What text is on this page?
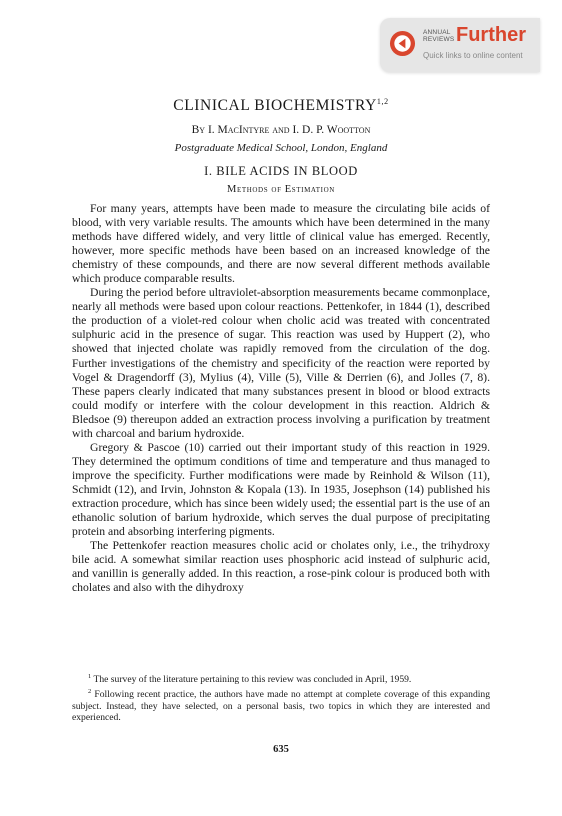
ANNUAL
REVIEWS Further
Quick links to online content
CLINICAL BIOCHEMISTRY$^{1,2}$
By I. MacIntyre and I. D. P. Wootton
Postgraduate Medical School, London, England
I. BILE ACIDS IN BLOOD
Methods of Estimation

For many years, attempts have been made to measure the circulating bile acids of blood, with very variable results. The amounts which have been determined in the many methods have differed widely, and very little of clinical value has emerged. Recently, however, more specific methods have been based on an increased knowledge of the chemistry of these compounds, and there are now several different methods available which produce comparable results.

During the period before ultraviolet-absorption measurements became commonplace, nearly all methods were based upon colour reactions. Pettenkofer, in 1844 (1), described the production of a violet-red colour when cholic acid was treated with concentrated sulphuric acid in the presence of sugar. This reaction was used by Huppert (2), who showed that injected cholate was rapidly removed from the circulation of the dog. Further investigations of the chemistry and specificity of the reaction were reported by Vogel & Dragendorff (3), Mylius (4), Ville (5), Ville & Derrien (6), and Jolles (7, 8). These papers clearly indicated that many substances present in blood or blood extracts could modify or interfere with the colour development in this reaction. Aldrich & Bledsoe (9) thereupon added an extraction process involving a purification by treatment with charcoal and barium hydroxide.

Gregory & Pascoe (10) carried out their important study of this reaction in 1929. They determined the optimum conditions of time and temperature and thus managed to improve the specificity. Further modifications were made by Reinhold & Wilson (11), Schmidt (12), and Irvin, Johnston & Kopala (13). In 1935, Josephson (14) published his extraction procedure, which has since been widely used; the essential part is the use of an ethanolic solution of barium hydroxide, which serves the dual purpose of precipitating protein and absorbing interfering pigments.

The Pettenkofer reaction measures cholic acid or cholates only, i.e., the trihydroxy bile acid. A somewhat similar reaction uses phosphoric acid instead of sulphuric acid, and vanillin is generally added. In this reaction, a rose-pink colour is produced both with cholates and also with the dihydroxy

$^1$ The survey of the literature pertaining to this review was concluded in April, 1959.

$^2$ Following recent practice, the authors have made no attempt at complete coverage of this expanding subject. Instead, they have selected, on a personal basis, two topics in which they are interested and experienced.

635
